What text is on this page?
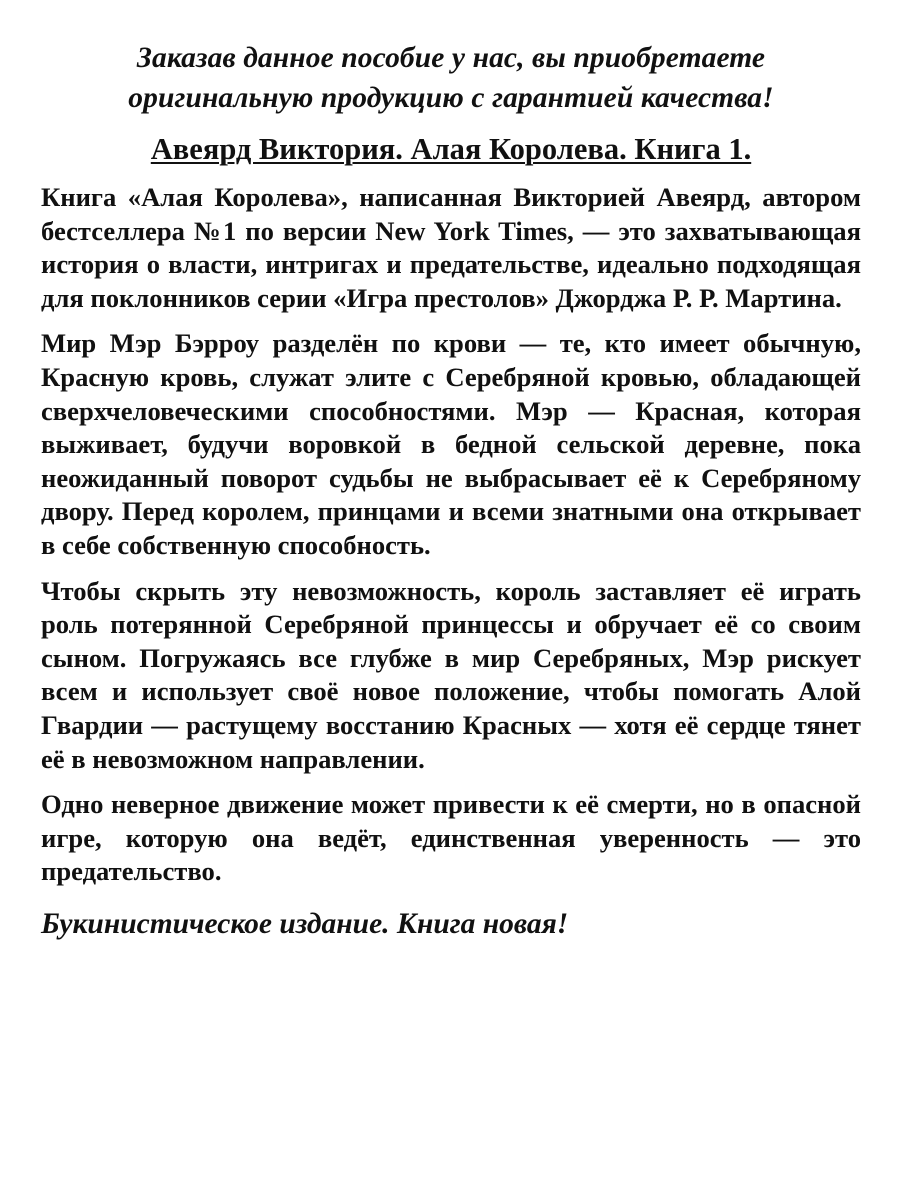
Заказав данное пособие у нас, вы приобретаете
оригинальную продукцию с гарантией качества!

Авеярд Виктория. Алая Королева. Книга 1.

Книга «Алая Королева», написанная Викторией Авеярд, автором бестселлера №1 по версии New York Times, — это захватывающая история о власти, интригах и предательстве, идеально подходящая для поклонников серии «Игра престолов» Джорджа Р. Р. Мартина.

Мир Мэр Бэрроу разделён по крови — те, кто имеет обычную, Красную кровь, служат элите с Серебряной кровью, обладающей сверхчеловеческими способностями. Мэр — Красная, которая выживает, будучи воровкой в бедной сельской деревне, пока неожиданный поворот судьбы не выбрасывает её к Серебряному двору. Перед королем, принцами и всеми знатными она открывает в себе собственную способность.

Чтобы скрыть эту невозможность, король заставляет её играть роль потерянной Серебряной принцессы и обручает её со своим сыном. Погружаясь все глубже в мир Серебряных, Мэр рискует всем и использует своё новое положение, чтобы помогать Алой Гвардии — растущему восстанию Красных — хотя её сердце тянет её в невозможном направлении.

Одно неверное движение может привести к её смерти, но в опасной игре, которую она ведёт, единственная уверенность — это предательство.

Букинистическое издание. Книга новая!
